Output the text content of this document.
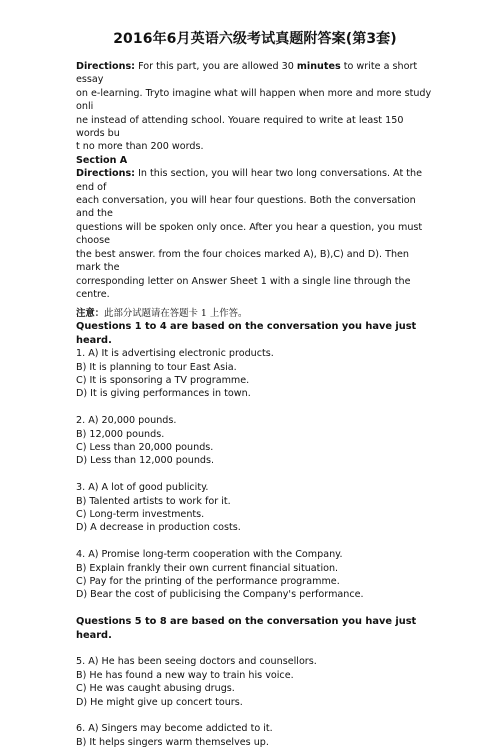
2016年6月英语六级考试真题附答案(第3套)
Directions: For this part, you are allowed 30 minutes to write a short essay
on e-learning. Tryto imagine what will happen when more and more study onli
ne instead of attending school. Youare required to write at least 150 words bu
t no more than 200 words.
Section A
Directions: In this section, you will hear two long conversations. At the end of
each conversation, you will hear four questions. Both the conversation and the
questions will be spoken only once. After you hear a question, you must choose
the best answer. from the four choices marked A), B),C) and D). Then mark the
corresponding letter on Answer Sheet 1 with a single line through the centre.
注意：此部分试题请在答题卡 1 上作答。
Questions 1 to 4 are based on the conversation you have just heard.
1. A) It is advertising electronic products.
B) It is planning to tour East Asia.
C) It is sponsoring a TV programme.
D) It is giving performances in town.
2. A) 20,000 pounds.
B) 12,000 pounds.
C) Less than 20,000 pounds.
D) Less than 12,000 pounds.
3. A) A lot of good publicity.
B) Talented artists to work for it.
C) Long-term investments.
D) A decrease in production costs.
4. A) Promise long-term cooperation with the Company.
B) Explain frankly their own current financial situation.
C) Pay for the printing of the performance programme.
D) Bear the cost of publicising the Company's performance.
Questions 5 to 8 are based on the conversation you have just heard.
5. A) He has been seeing doctors and counsellors.
B) He has found a new way to train his voice.
C) He was caught abusing drugs.
D) He might give up concert tours.
6. A) Singers may become addicted to it.
B) It helps singers warm themselves up.
